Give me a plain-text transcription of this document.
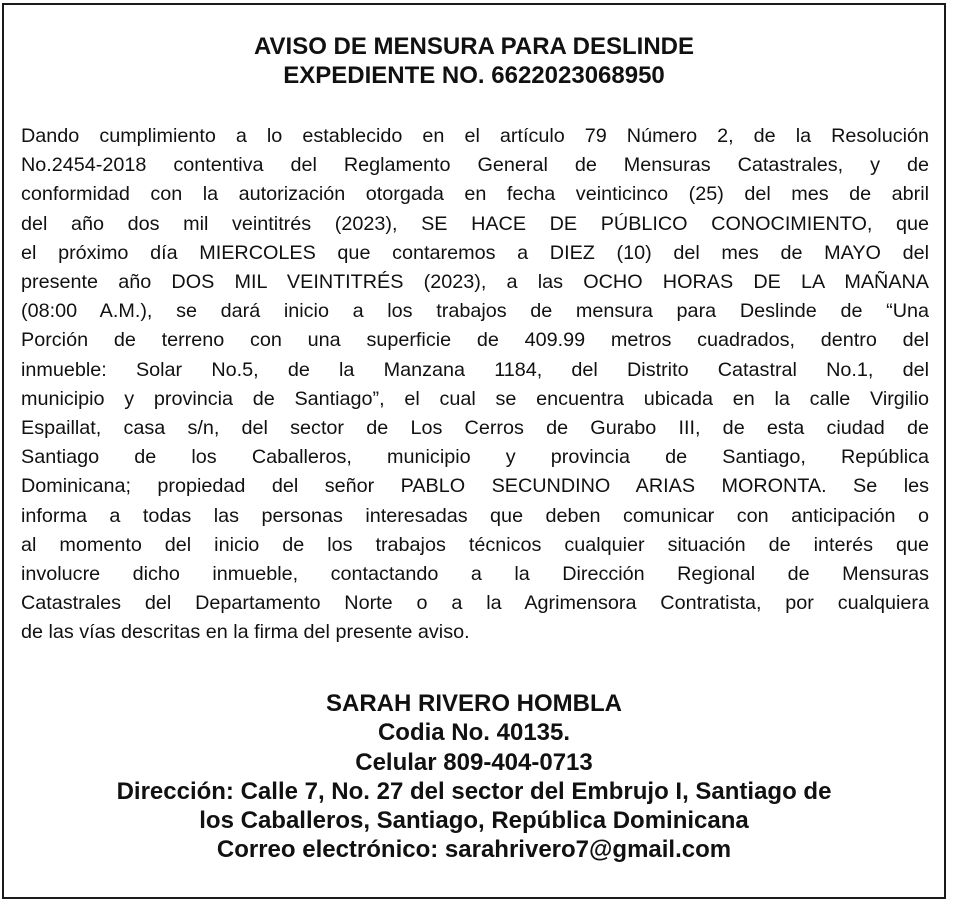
AVISO DE MENSURA PARA DESLINDE
EXPEDIENTE NO. 6622023068950
Dando cumplimiento a lo establecido en el artículo 79 Número 2, de la Resolución
No.2454-2018 contentiva del Reglamento General de Mensuras Catastrales, y de
conformidad con la autorización otorgada en fecha veinticinco (25) del mes de abril
del año dos mil veintitrés (2023), SE HACE DE PÚBLICO CONOCIMIENTO, que
el próximo día MIERCOLES que contaremos a DIEZ (10) del mes de MAYO del
presente año DOS MIL VEINTITRÉS (2023), a las OCHO HORAS DE LA MAÑANA
(08:00 A.M.), se dará inicio a los trabajos de mensura para Deslinde de “Una
Porción de terreno con una superficie de 409.99 metros cuadrados, dentro del
inmueble: Solar No.5, de la Manzana 1184, del Distrito Catastral No.1, del
municipio y provincia de Santiago”, el cual se encuentra ubicada en la calle Virgilio
Espaillat, casa s/n, del sector de Los Cerros de Gurabo III, de esta ciudad de
Santiago de los Caballeros, municipio y provincia de Santiago, República
Dominicana; propiedad del señor PABLO SECUNDINO ARIAS MORONTA. Se les
informa a todas las personas interesadas que deben comunicar con anticipación o
al momento del inicio de los trabajos técnicos cualquier situación de interés que
involucre dicho inmueble, contactando a la Dirección Regional de Mensuras
Catastrales del Departamento Norte o a la Agrimensora Contratista, por cualquiera
de las vías descritas en la firma del presente aviso.
SARAH RIVERO HOMBLA
Codia No. 40135.
Celular 809-404-0713
Dirección: Calle 7, No. 27 del sector del Embrujo I, Santiago de
los Caballeros, Santiago, República Dominicana
Correo electrónico: sarahrivero7@gmail.com
